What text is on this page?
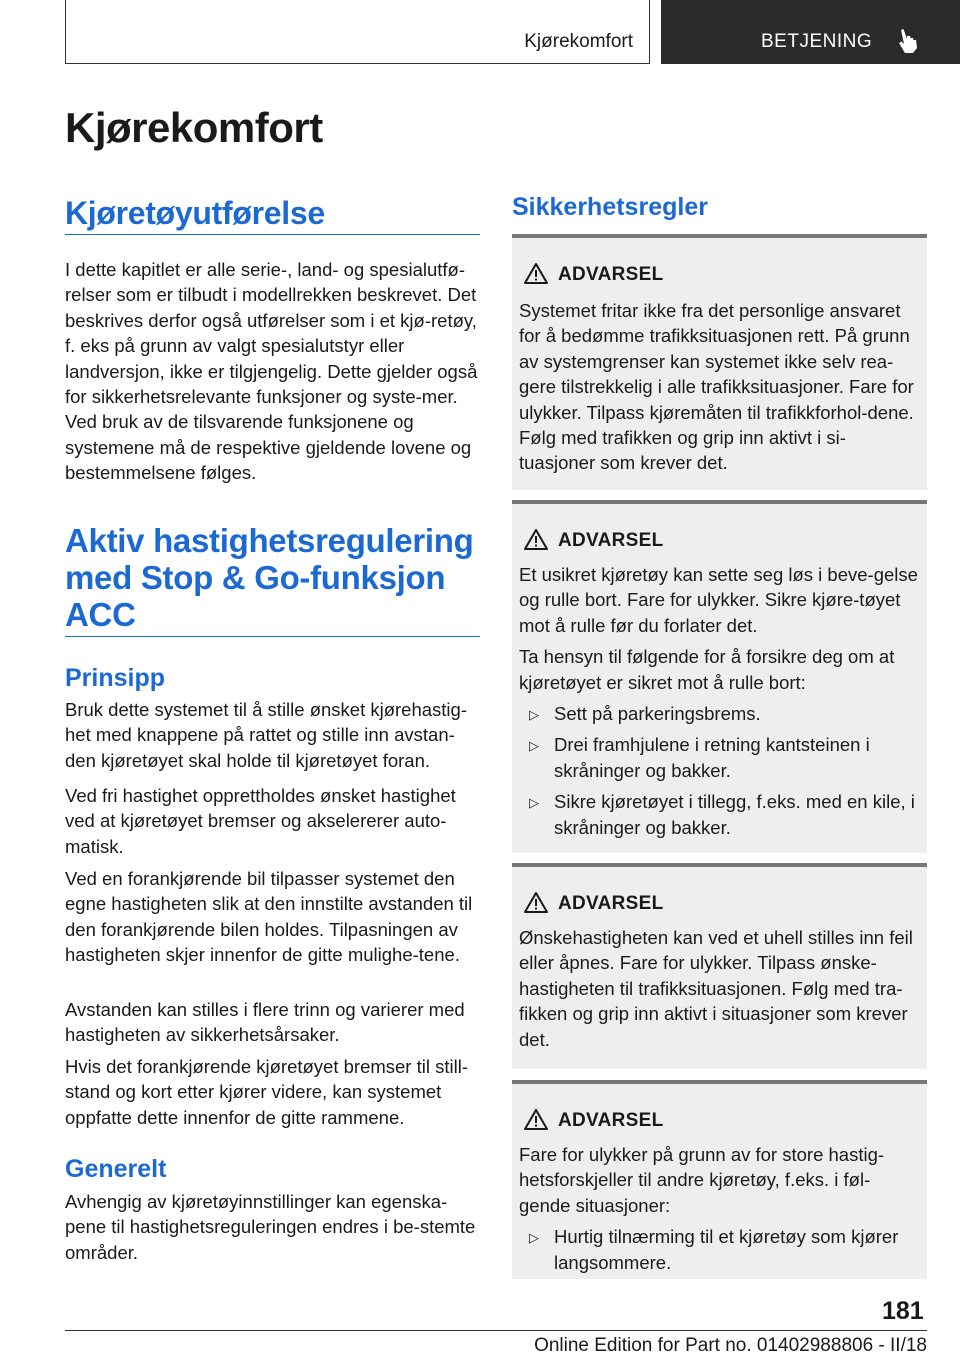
Kjørekomfort	BETJENING
Kjørekomfort
Kjøretøyutførelse
I dette kapitlet er alle serie-, land- og spesialutfø-relser som er tilbudt i modellrekken beskrevet. Det beskrives derfor også utførelser som i et kjø-retøy, f. eks på grunn av valgt spesialutstyr eller landversjon, ikke er tilgjengelig. Dette gjelder også for sikkerhetsrelevante funksjoner og syste-mer. Ved bruk av de tilsvarende funksjonene og systemene må de respektive gjeldende lovene og bestemmelsene følges.
Aktiv hastighetsregulering
med Stop & Go-funksjon
ACC
Prinsipp
Bruk dette systemet til å stille ønsket kjørehastig-het med knappene på rattet og stille inn avstan-den kjøretøyet skal holde til kjøretøyet foran.
Ved fri hastighet opprettholdes ønsket hastighet ved at kjøretøyet bremser og akselererer auto-matisk.
Ved en forankjørende bil tilpasser systemet den egne hastigheten slik at den innstilte avstanden til den forankjørende bilen holdes. Tilpasningen av hastigheten skjer innenfor de gitte mulighe-tene.
Avstanden kan stilles i flere trinn og varierer med hastigheten av sikkerhetsårsaker.
Hvis det forankjørende kjøretøyet bremser til still-stand og kort etter kjører videre, kan systemet oppfatte dette innenfor de gitte rammene.
Generelt
Avhengig av kjøretøyinnstillinger kan egenska-pene til hastighetsreguleringen endres i be-stemte områder.
Sikkerhetsregler
ADVARSEL
Systemet fritar ikke fra det personlige ansvaret for å bedømme trafikksituasjonen rett. På grunn av systemgrenser kan systemet ikke selv rea-gere tilstrekkelig i alle trafikksituasjoner. Fare for ulykker. Tilpass kjøremåten til trafikkforhol-dene. Følg med trafikken og grip inn aktivt i si-tuasjoner som krever det.
ADVARSEL

Et usikret kjøretøy kan sette seg løs i beve-gelse og rulle bort. Fare for ulykker. Sikre kjøre-tøyet mot å rulle før du forlater det.

Ta hensyn til følgende for å forsikre deg om at kjøretøyet er sikret mot å rulle bort:

▷ Sett på parkeringsbrems.
▷ Drei framhjulene i retning kantsteinen i skråninger og bakker.
▷ Sikre kjøretøyet i tillegg, f.eks. med en kile, i skråninger og bakker.
ADVARSEL
Ønskehastigheten kan ved et uhell stilles inn feil eller åpnes. Fare for ulykker. Tilpass ønske-hastigheten til trafikksituasjonen. Følg med tra-fikken og grip inn aktivt i situasjoner som krever det.
ADVARSEL

Fare for ulykker på grunn av for store hastig-hetsforskjeller til andre kjøretøy, f.eks. i føl-gende situasjoner:

▷ Hurtig tilnærming til et kjøretøy som kjører langsommere.
181
Online Edition for Part no. 01402988806 - II/18
